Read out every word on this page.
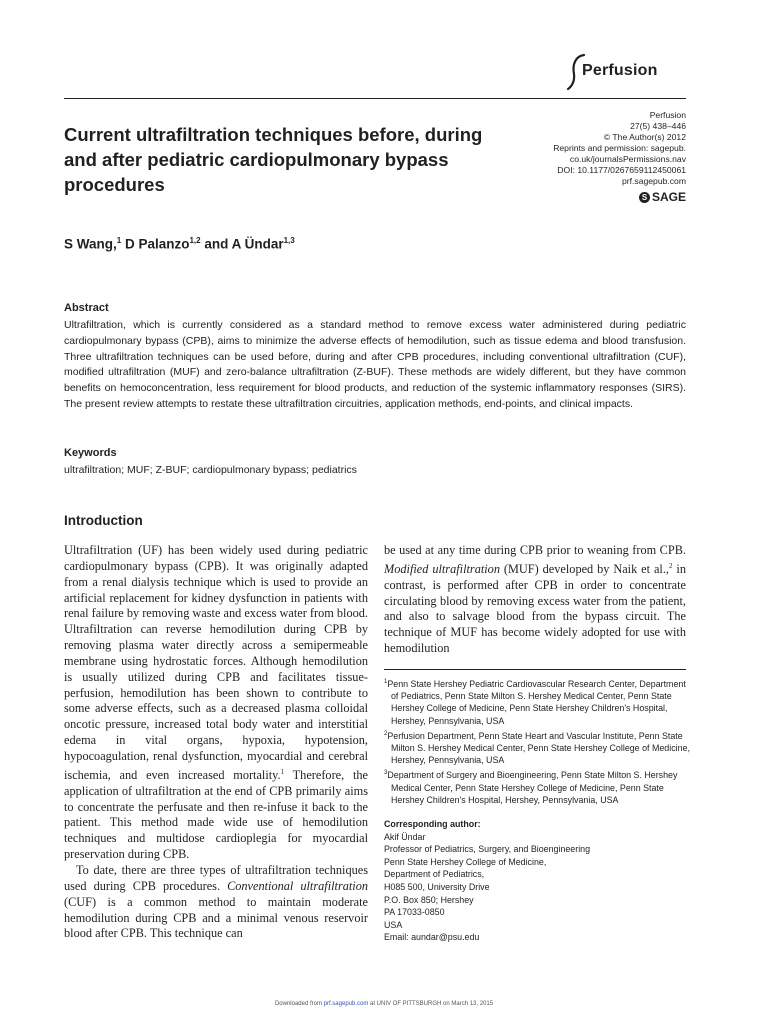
Perfusion
Perfusion
27(5) 438–446
© The Author(s) 2012
Reprints and permission: sagepub.
co.uk/journalsPermissions.nav
DOI: 10.1177/0267659112450061
prf.sagepub.com
S SAGE
Current ultrafiltration techniques before, during and after pediatric cardiopulmonary bypass procedures
S Wang,$^1$ D Palanzo$^{1,2}$ and A Ündar$^{1,3}$
Abstract
Ultrafiltration, which is currently considered as a standard method to remove excess water administered during pediatric cardiopulmonary bypass (CPB), aims to minimize the adverse effects of hemodilution, such as tissue edema and blood transfusion. Three ultrafiltration techniques can be used before, during and after CPB procedures, including conventional ultrafiltration (CUF), modified ultrafiltration (MUF) and zero-balance ultrafiltration (Z-BUF). These methods are widely different, but they have common benefits on hemoconcentration, less requirement for blood products, and reduction of the systemic inflammatory responses (SIRS). The present review attempts to restate these ultrafiltration circuitries, application methods, end-points, and clinical impacts.
Keywords
ultrafiltration; MUF; Z-BUF; cardiopulmonary bypass; pediatrics
Introduction

Ultrafiltration (UF) has been widely used during pediatric cardiopulmonary bypass (CPB). It was originally adapted from a renal dialysis technique which is used to provide an artificial replacement for kidney dysfunction in patients with renal failure by removing waste and excess water from blood. Ultrafiltration can reverse hemodilution during CPB by removing plasma water directly across a semipermeable membrane using hydrostatic forces. Although hemodilution is usually utilized during CPB and facilitates tissue-perfusion, hemodilution has been shown to contribute to some adverse effects, such as a decreased plasma colloidal oncotic pressure, increased total body water and interstitial edema in vital organs, hypoxia, hypotension, hypocoagulation, renal dysfunction, myocardial and cerebral ischemia, and even increased mortality.$^1$ Therefore, the application of ultrafiltration at the end of CPB primarily aims to concentrate the perfusate and then re-infuse it back to the patient. This method made wide use of hemodilution techniques and multidose cardioplegia for myocardial preservation during CPB.

To date, there are three types of ultrafiltration techniques used during CPB procedures. Conventional ultrafiltration (CUF) is a common method to maintain moderate hemodilution during CPB and a minimal venous reservoir blood after CPB. This technique can

be used at any time during CPB prior to weaning from CPB. Modified ultrafiltration (MUF) developed by Naik et al.,$^2$ in contrast, is performed after CPB in order to concentrate circulating blood by removing excess water from the patient, and also to salvage blood from the bypass circuit. The technique of MUF has become widely adopted for use with hemodilution

$^1$Penn State Hershey Pediatric Cardiovascular Research Center, Department of Pediatrics, Penn State Milton S. Hershey Medical Center, Penn State Hershey College of Medicine, Penn State Hershey Children's Hospital, Hershey, Pennsylvania, USA
$^2$Perfusion Department, Penn State Heart and Vascular Institute, Penn State Milton S. Hershey Medical Center, Penn State Hershey College of Medicine, Hershey, Pennsylvania, USA
$^3$Department of Surgery and Bioengineering, Penn State Milton S. Hershey Medical Center, Penn State Hershey College of Medicine, Penn State Hershey Children's Hospital, Hershey, Pennsylvania, USA
Corresponding author:
Akif Ündar
Professor of Pediatrics, Surgery, and Bioengineering
Penn State Hershey College of Medicine,
Department of Pediatrics,
H085 500, University Drive
P.O. Box 850; Hershey
PA 17033-0850
USA
Email: aundar@psu.edu
Downloaded from prf.sagepub.com at UNIV OF PITTSBURGH on March 13, 2015
